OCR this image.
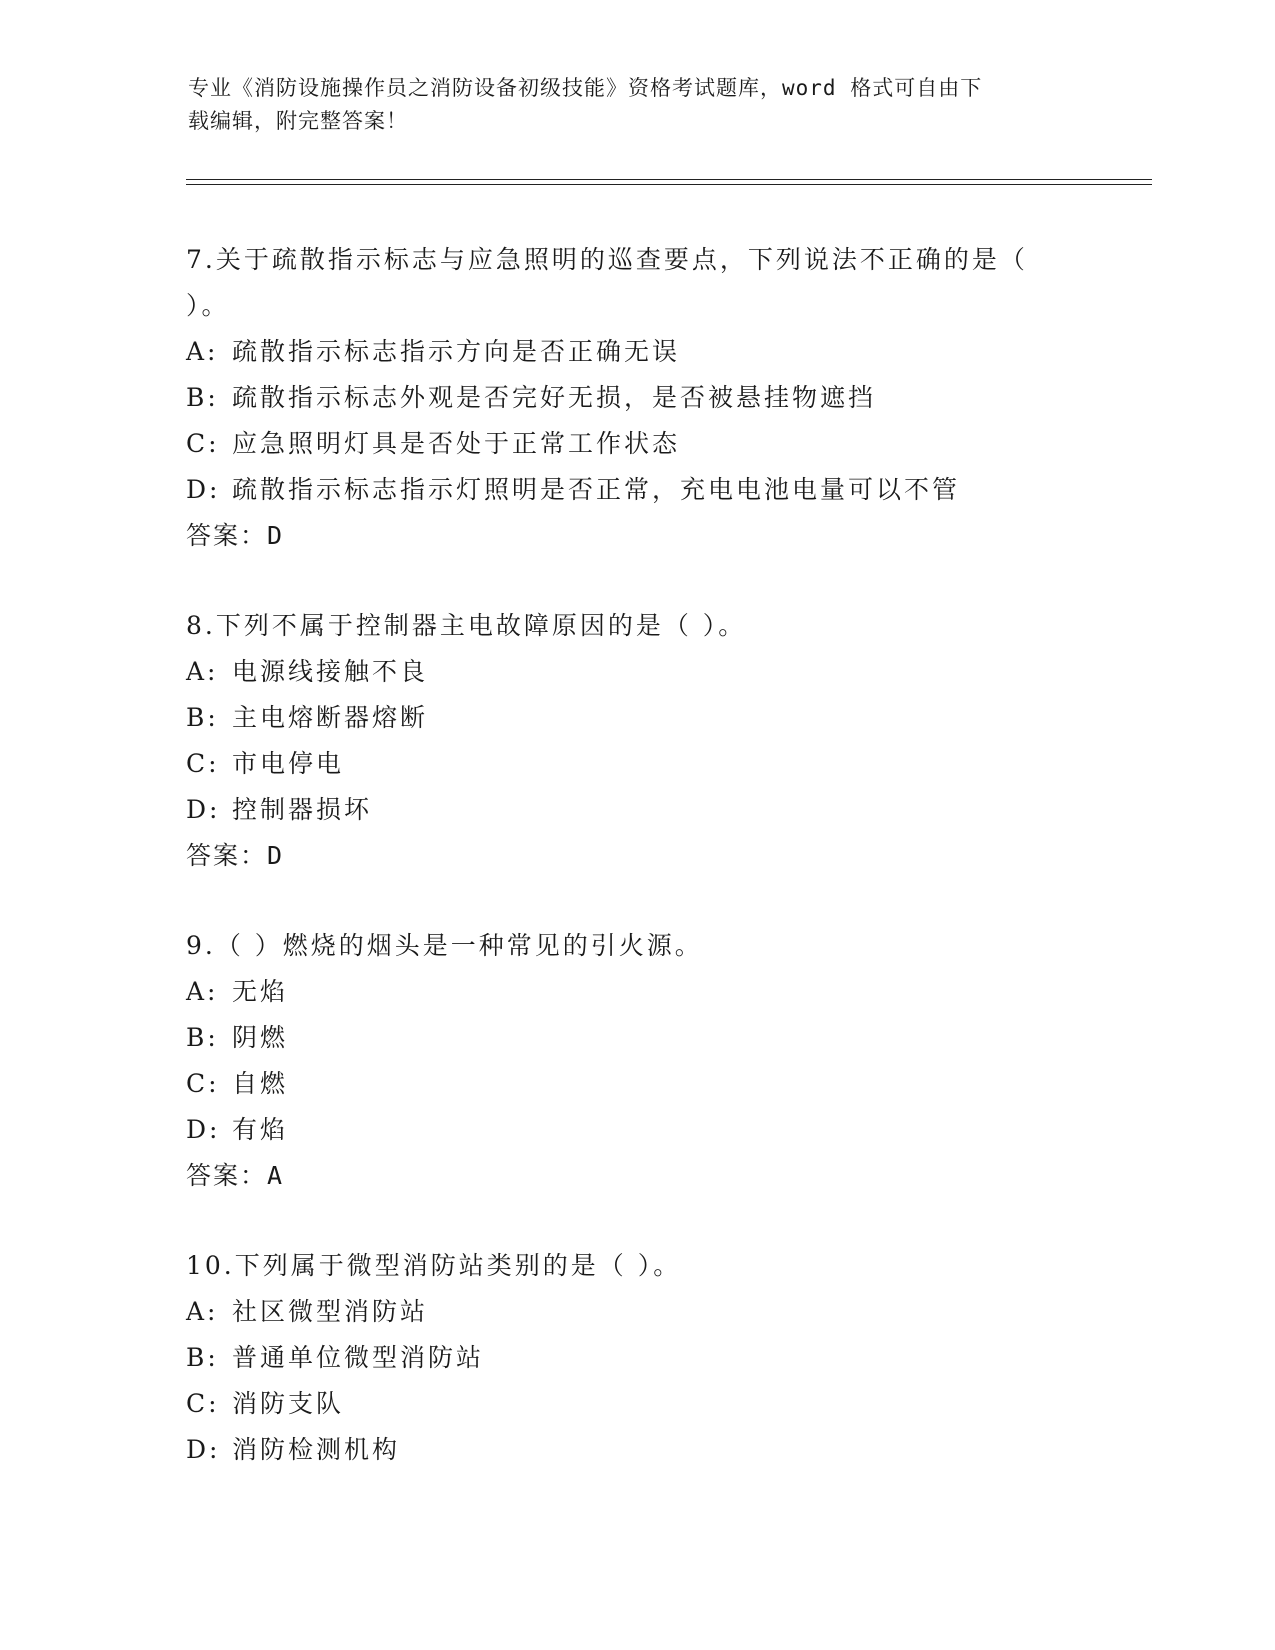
专业《消防设施操作员之消防设备初级技能》资格考试题库，word 格式可自由下
载编辑，附完整答案！
7.关于疏散指示标志与应急照明的巡查要点，下列说法不正确的是（
）。
A: 疏散指示标志指示方向是否正确无误
B: 疏散指示标志外观是否完好无损，是否被悬挂物遮挡
C: 应急照明灯具是否处于正常工作状态
D: 疏散指示标志指示灯照明是否正常，充电电池电量可以不管
答案：D
8.下列不属于控制器主电故障原因的是（ ）。
A: 电源线接触不良
B: 主电熔断器熔断
C: 市电停电
D: 控制器损坏
答案：D
9.（ ）燃烧的烟头是一种常见的引火源。
A: 无焰
B: 阴燃
C: 自燃
D: 有焰
答案：A
10.下列属于微型消防站类别的是（ ）。
A: 社区微型消防站
B: 普通单位微型消防站
C: 消防支队
D: 消防检测机构
